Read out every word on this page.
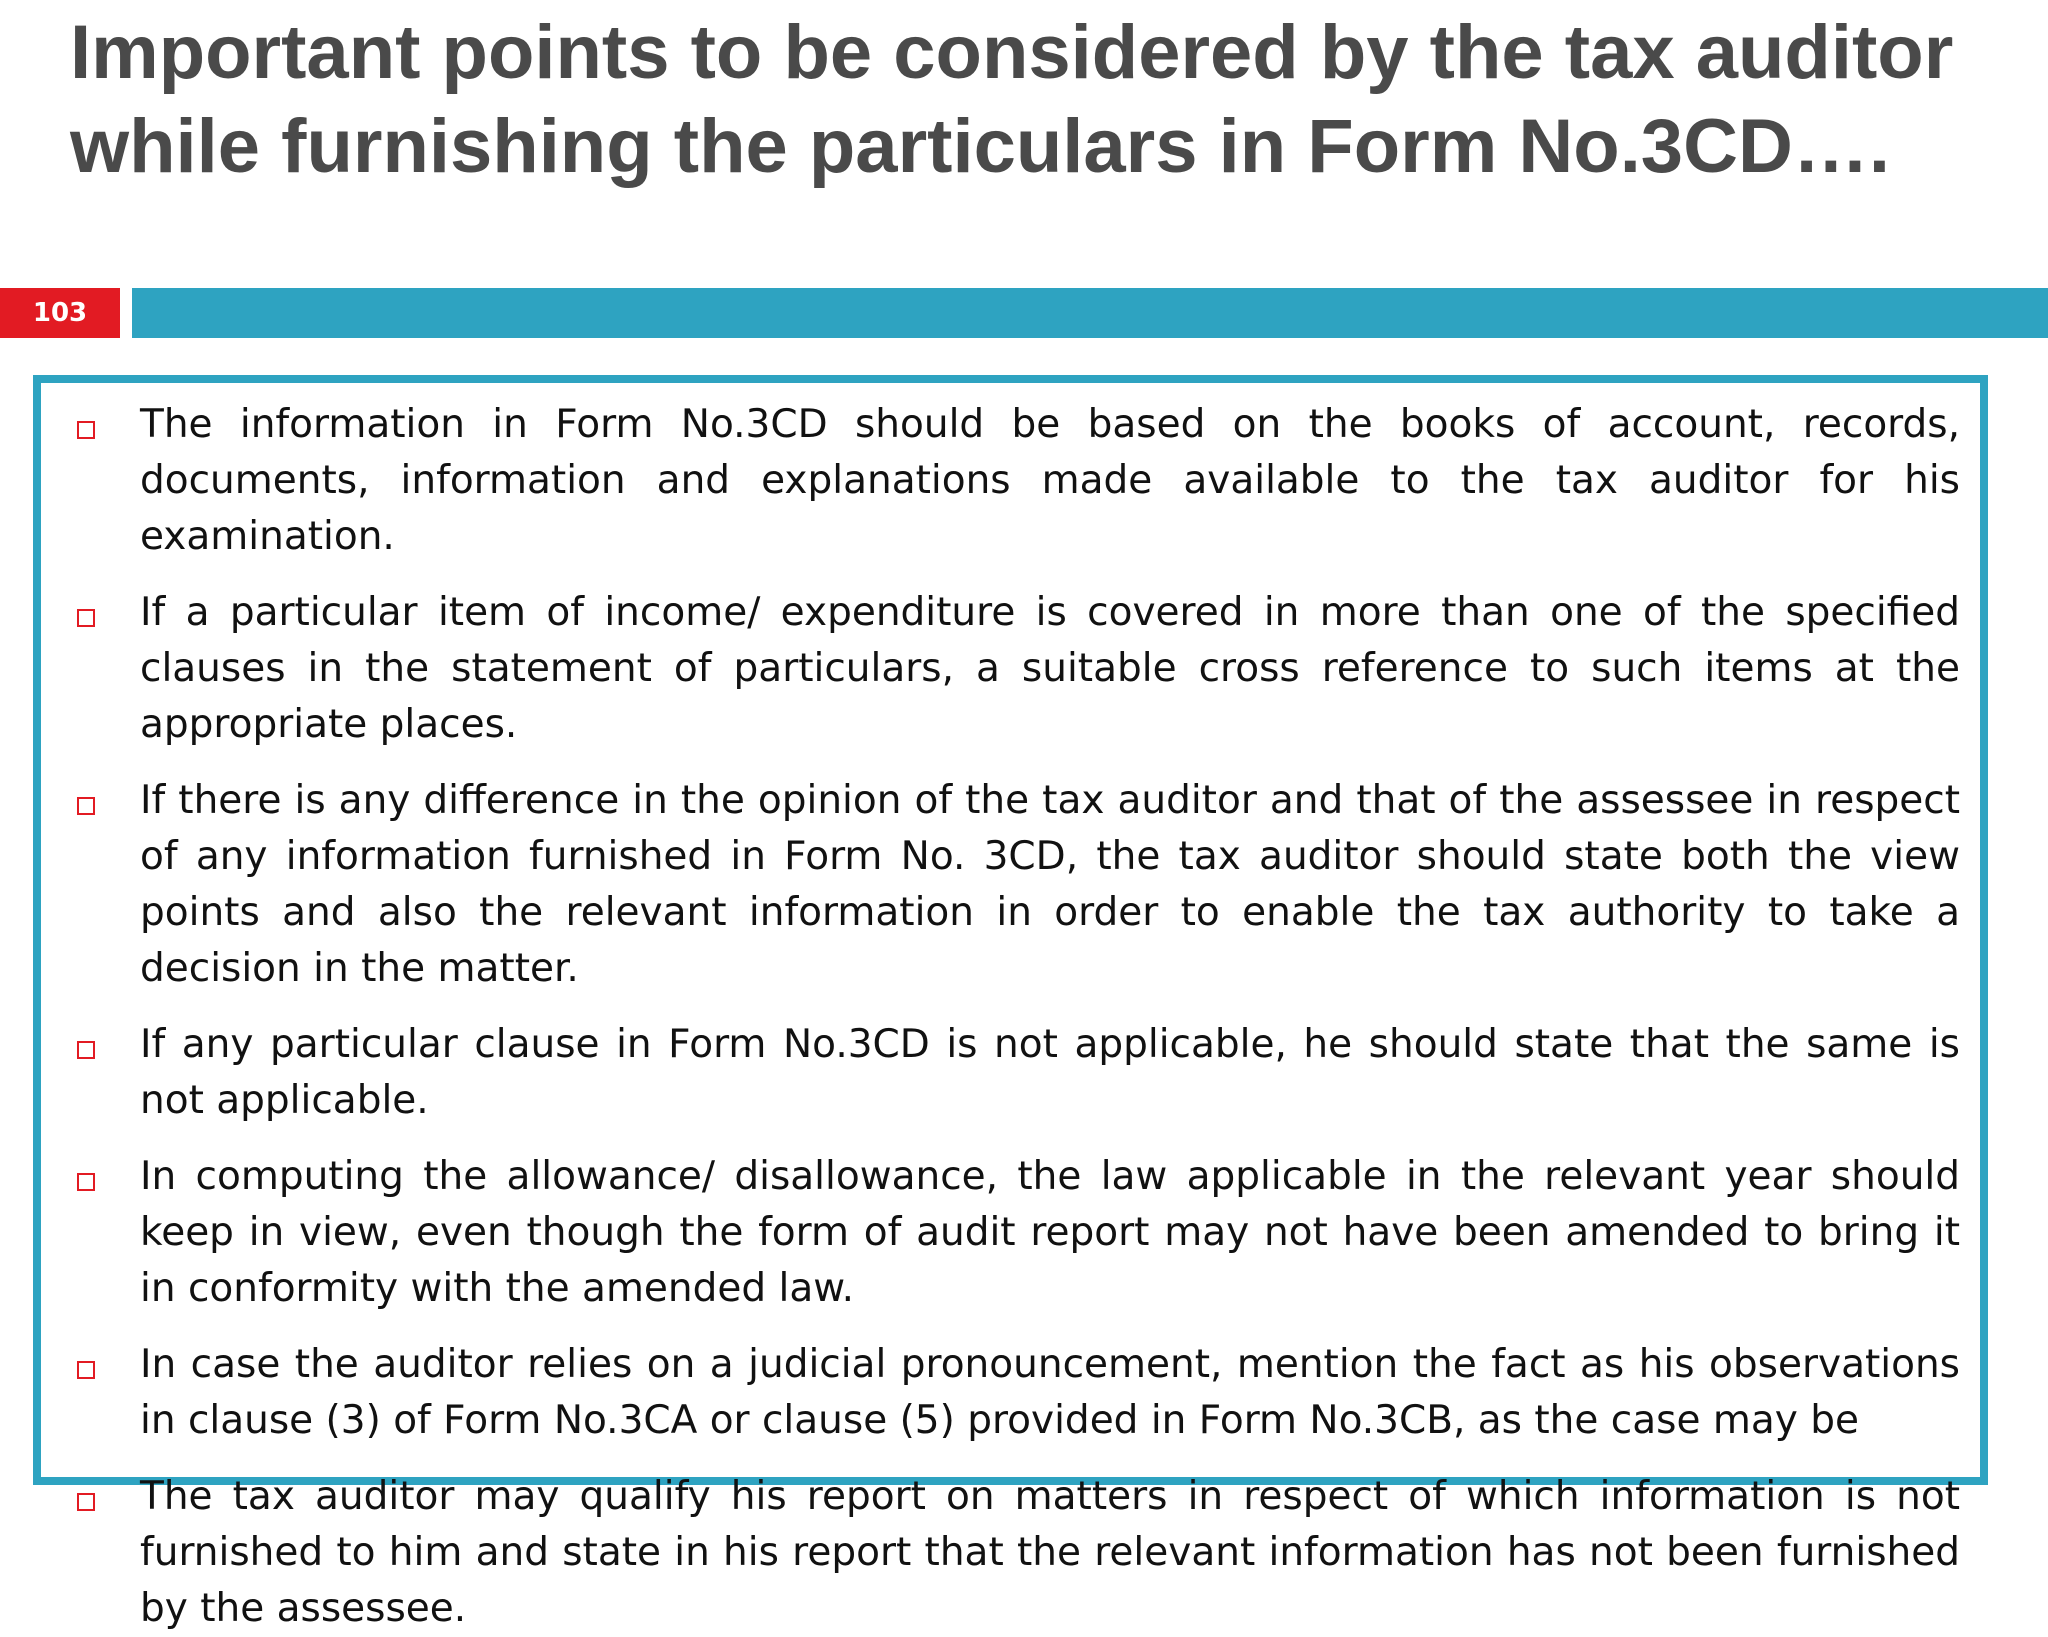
Important points to be considered by the tax auditor while furnishing the particulars in Form No.3CD….
103
The information in Form No.3CD should be based on the books of account, records, documents, information and explanations made available to the tax auditor for his examination.
If a particular item of income/ expenditure is covered in more than one of the specified clauses in the statement of particulars, a suitable cross reference to such items at the appropriate places.
If there is any difference in the opinion of the tax auditor and that of the assessee in respect of any information furnished in Form No. 3CD, the tax auditor should state both the view points and also the relevant information in order to enable the tax authority to take a decision in the matter.
If any particular clause in Form No.3CD is not applicable, he should state that the same is not applicable.
In computing the allowance/ disallowance, the law applicable in the relevant year should keep in view, even though the form of audit report may not have been amended to bring it in conformity with the amended law.
In case the auditor relies on a judicial pronouncement, mention the fact as his observations in clause (3) of Form No.3CA or clause (5) provided in Form No.3CB, as the case may be
The tax auditor may qualify his report on matters in respect of which information is not furnished to him and state in his report that the relevant information has not been furnished by the assessee.
